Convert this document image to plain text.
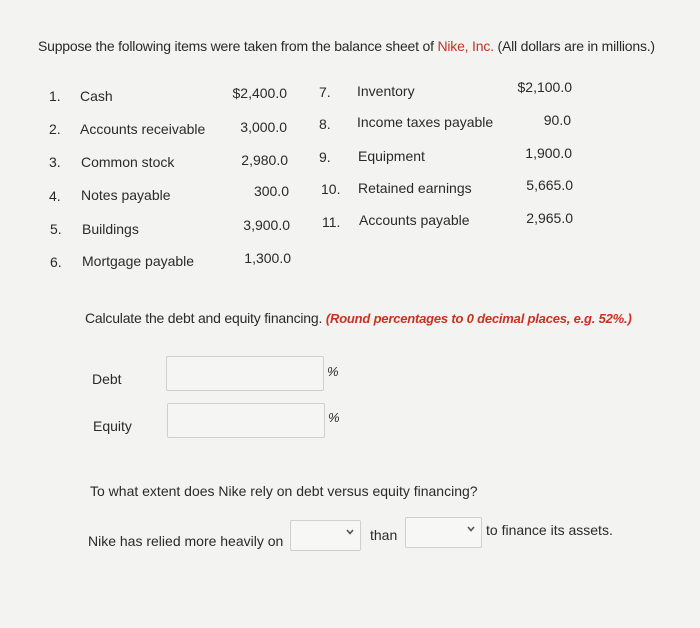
Suppose the following items were taken from the balance sheet of Nike, Inc. (All dollars are in millions.)
1. Cash	$2,400.0
2. Accounts receivable	3,000.0
3. Common stock	2,980.0
4. Notes payable	300.0
5. Buildings	3,900.0
6. Mortgage payable	1,300.0
7. Inventory	$2,100.0
8. Income taxes payable	90.0
9. Equipment	1,900.0
10. Retained earnings	5,665.0
11. Accounts payable	2,965.0
Calculate the debt and equity financing. (Round percentages to 0 decimal places, e.g. 52%.)
Debt	%
Equity
%
To what extent does Nike rely on debt versus equity financing?
Nike has relied more heavily on	than	to finance its assets.
